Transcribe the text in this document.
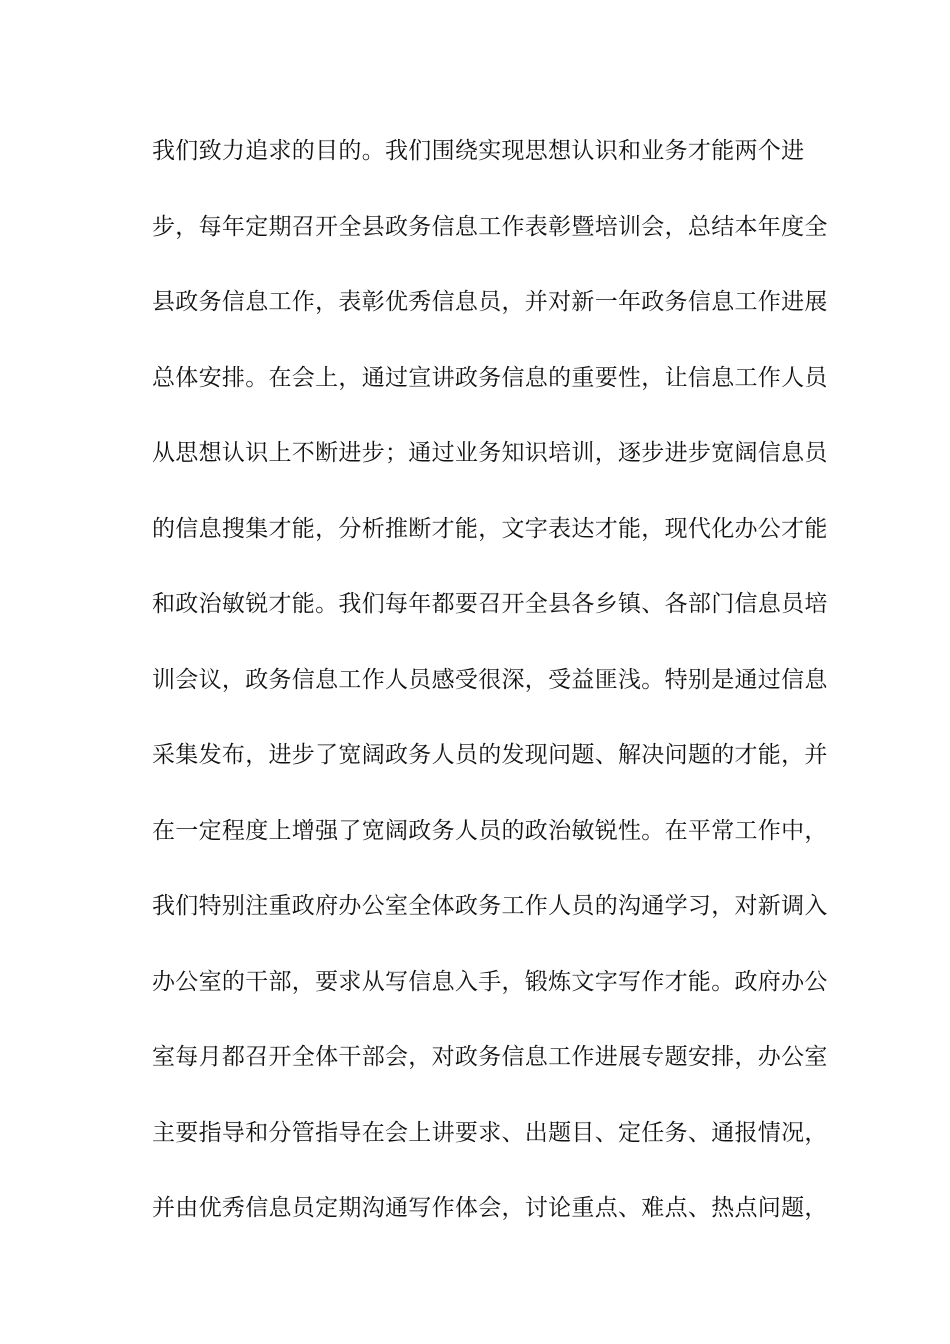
我们致力追求的目的。我们围绕实现思想认识和业务才能两个进
步，每年定期召开全县政务信息工作表彰暨培训会，总结本年度全
县政务信息工作，表彰优秀信息员，并对新一年政务信息工作进展
总体安排。在会上，通过宣讲政务信息的重要性，让信息工作人员
从思想认识上不断进步；通过业务知识培训，逐步进步宽阔信息员
的信息搜集才能，分析推断才能，文字表达才能，现代化办公才能
和政治敏锐才能。我们每年都要召开全县各乡镇、各部门信息员培
训会议，政务信息工作人员感受很深，受益匪浅。特别是通过信息
采集发布，进步了宽阔政务人员的发现问题、解决问题的才能，并
在一定程度上增强了宽阔政务人员的政治敏锐性。在平常工作中，
我们特别注重政府办公室全体政务工作人员的沟通学习，对新调入
办公室的干部，要求从写信息入手，锻炼文字写作才能。政府办公
室每月都召开全体干部会，对政务信息工作进展专题安排，办公室
主要指导和分管指导在会上讲要求、出题目、定任务、通报情况，
并由优秀信息员定期沟通写作体会，讨论重点、难点、热点问题，
